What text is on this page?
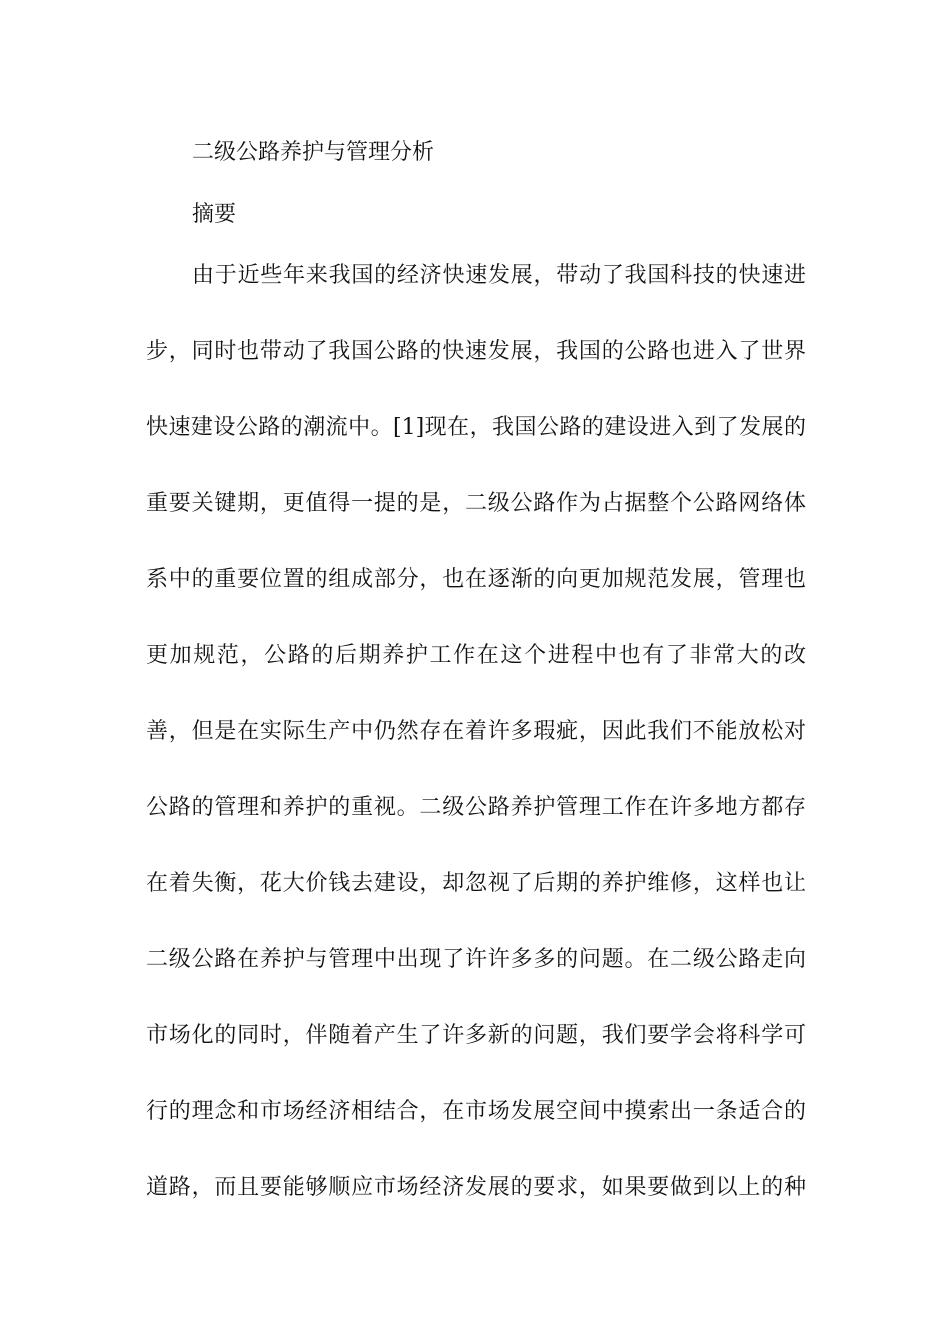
二级公路养护与管理分析
摘要
由于近些年来我国的经济快速发展，带动了我国科技的快速进
步，同时也带动了我国公路的快速发展，我国的公路也进入了世界
快速建设公路的潮流中。[1]现在，我国公路的建设进入到了发展的
重要关键期，更值得一提的是，二级公路作为占据整个公路网络体
系中的重要位置的组成部分，也在逐渐的向更加规范发展，管理也
更加规范，公路的后期养护工作在这个进程中也有了非常大的改
善，但是在实际生产中仍然存在着许多瑕疵，因此我们不能放松对
公路的管理和养护的重视。二级公路养护管理工作在许多地方都存
在着失衡，花大价钱去建设，却忽视了后期的养护维修，这样也让
二级公路在养护与管理中出现了许许多多的问题。在二级公路走向
市场化的同时，伴随着产生了许多新的问题，我们要学会将科学可
行的理念和市场经济相结合，在市场发展空间中摸索出一条适合的
道路，而且要能够顺应市场经济发展的要求，如果要做到以上的种
